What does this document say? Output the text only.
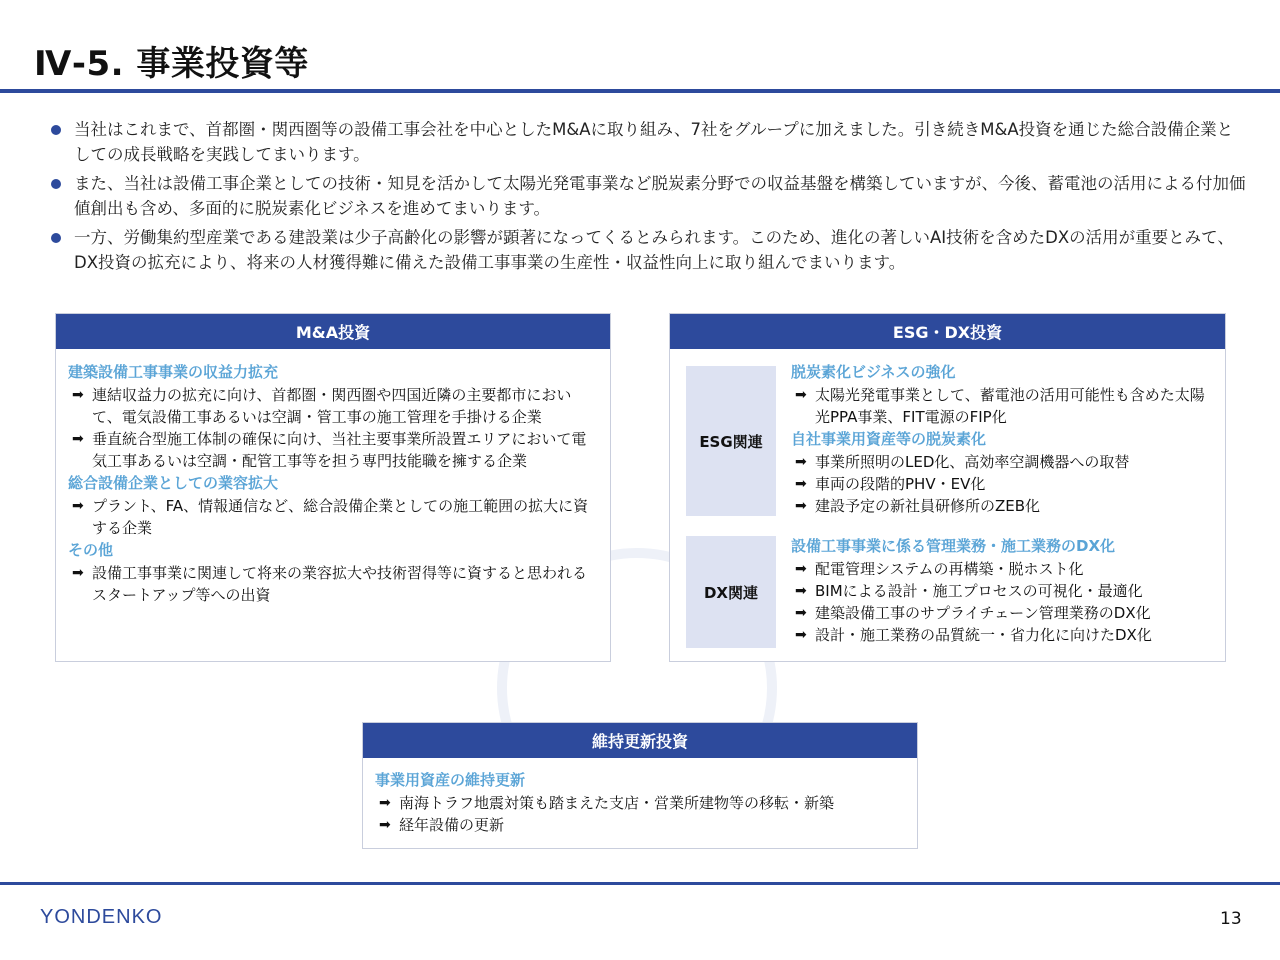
Ⅳ-5. 事業投資等
当社はこれまで、首都圏・関西圏等の設備工事会社を中心としたM&Aに取り組み、7社をグループに加えました。引き続きM&A投資を通じた総合設備企業としての成長戦略を実践してまいります。
また、当社は設備工事企業としての技術・知見を活かして太陽光発電事業など脱炭素分野での収益基盤を構築していますが、今後、蓄電池の活用による付加価値創出も含め、多面的に脱炭素化ビジネスを進めてまいります。
一方、労働集約型産業である建設業は少子高齢化の影響が顕著になってくるとみられます。このため、進化の著しいAI技術を含めたDXの活用が重要とみて、DX投資の拡充により、将来の人材獲得難に備えた設備工事事業の生産性・収益性向上に取り組んでまいります。
M&A投資
建築設備工事事業の収益力拡充
➡ 連結収益力の拡充に向け、首都圏・関西圏や四国近隣の主要都市において、電気設備工事あるいは空調・管工事の施工管理を手掛ける企業
➡ 垂直統合型施工体制の確保に向け、当社主要事業所設置エリアにおいて電気工事あるいは空調・配管工事等を担う専門技能職を擁する企業
総合設備企業としての業容拡大
➡ プラント、FA、情報通信など、総合設備企業としての施工範囲の拡大に資する企業
その他
➡ 設備工事事業に関連して将来の業容拡大や技術習得等に資すると思われるスタートアップ等への出資
ESG・DX投資
ESG関連
DX関連
脱炭素化ビジネスの強化
➡ 太陽光発電事業として、蓄電池の活用可能性も含めた太陽光PPA事業、FIT電源のFIP化
自社事業用資産等の脱炭素化
➡ 事業所照明のLED化、高効率空調機器への取替
➡ 車両の段階的PHV・EV化
➡ 建設予定の新社員研修所のZEB化
設備工事事業に係る管理業務・施工業務のDX化
➡ 配電管理システムの再構築・脱ホスト化
➡ BIMによる設計・施工プロセスの可視化・最適化
➡ 建築設備工事のサプライチェーン管理業務のDX化
➡ 設計・施工業務の品質統一・省力化に向けたDX化
維持更新投資
事業用資産の維持更新
➡ 南海トラフ地震対策も踏まえた支店・営業所建物等の移転・新築
➡ 経年設備の更新
YONDENKO	13
